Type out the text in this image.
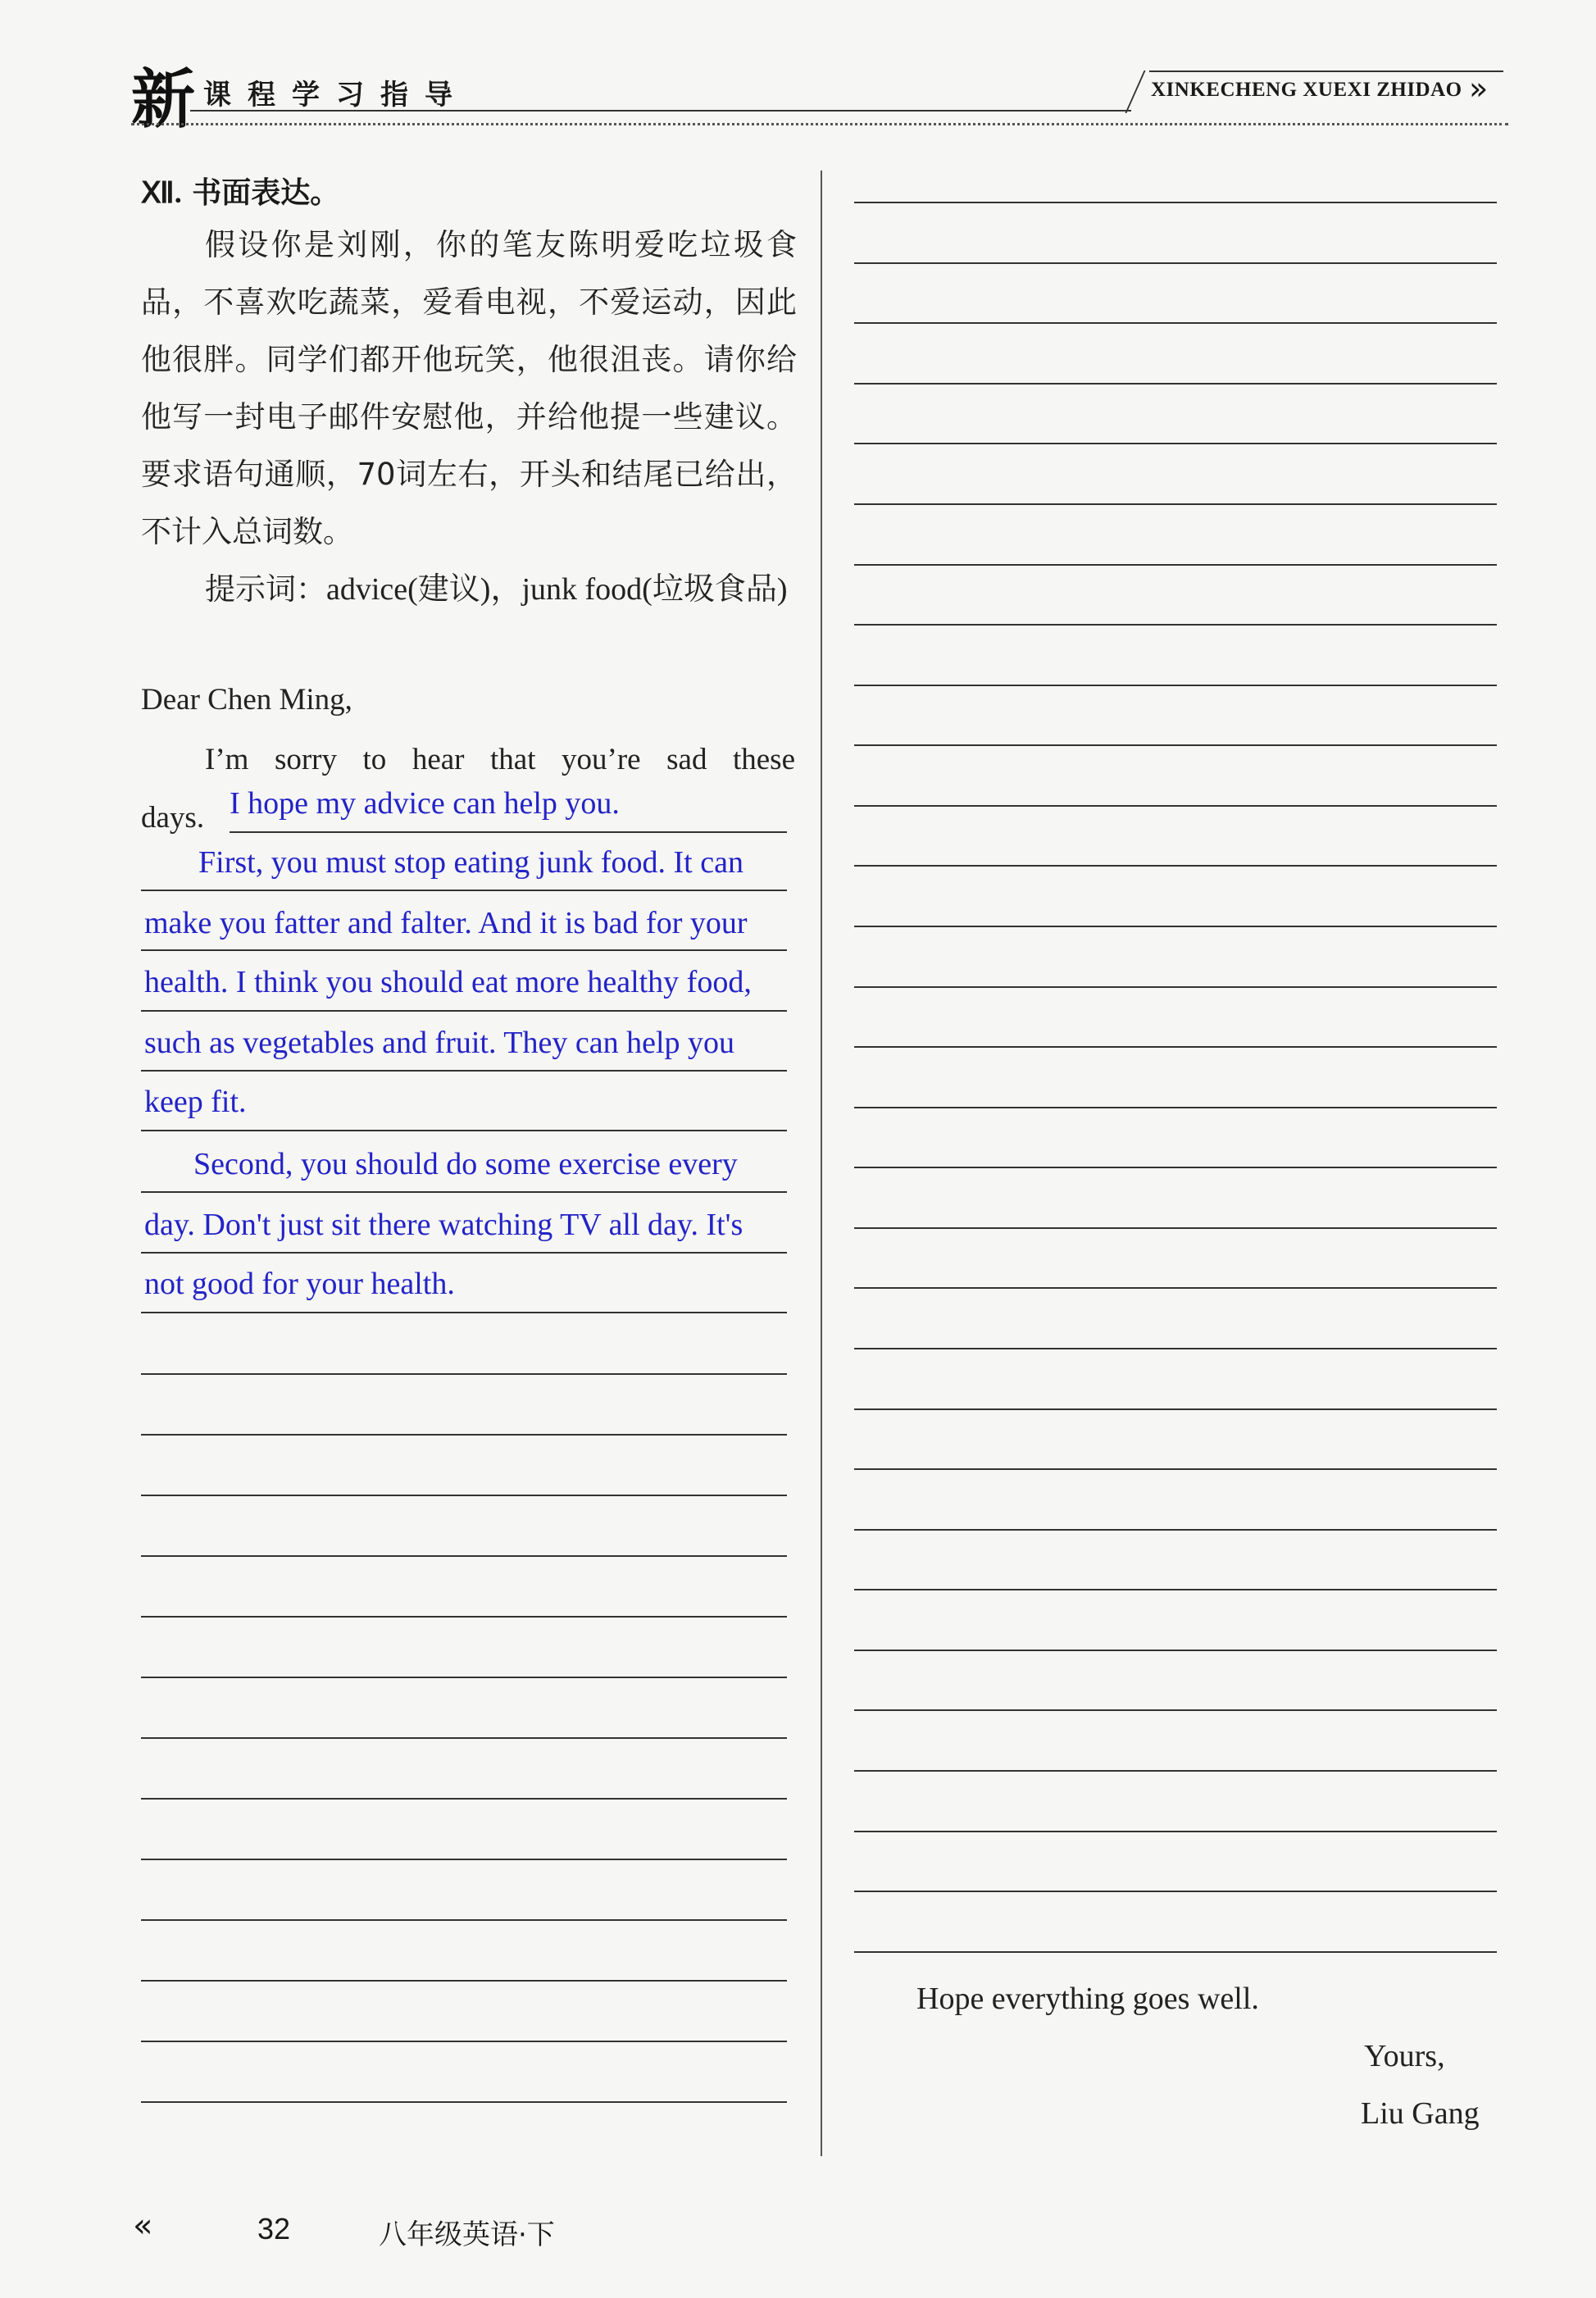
新 课程学习指导	XINKECHENG XUEXI ZHIDAO »
Ⅻ. 书面表达。
假设你是刘刚，你的笔友陈明爱吃垃圾食品，不喜欢吃蔬菜，爱看电视，不爱运动，因此他很胖。同学们都开他玩笑，他很沮丧。请你给他写一封电子邮件安慰他，并给他提一些建议。要求语句通顺，70词左右，开头和结尾已给出，不计入总词数。
提示词：advice(建议)，junk food(垃圾食品)
Dear Chen Ming,
I’m sorry to hear that you’re sad these
days. I hope my advice can help you.
First, you must stop eating junk food. It can
make you fatter and falter. And it is bad for your
health. I think you should eat more healthy food,
such as vegetables and fruit. They can help you
keep fit.
Second, you should do some exercise every
day. Don't just sit there watching TV all day. It's
not good for your health.
Hope everything goes well.
Yours,
Liu Gang
«	32	八年级英语·下
